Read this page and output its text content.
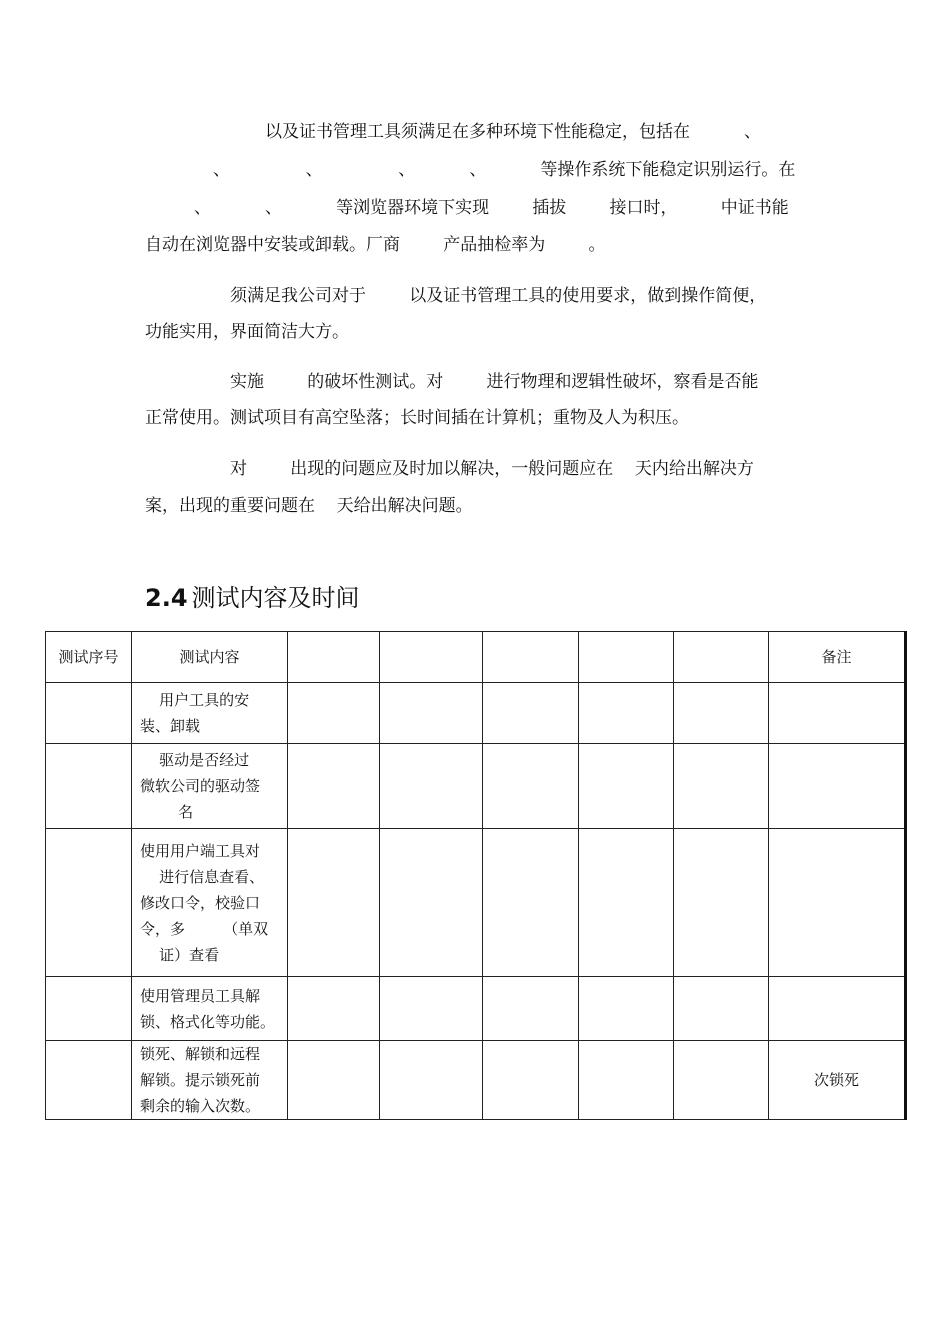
以及证书管理工具须满足在多种环境下性能稳定，包括在          、
、              、              、          、          等操作系统下能稳定识别运行。在
、          、          等浏览器环境下实现        插拔        接口时，        中证书能
自动在浏览器中安装或卸载。厂商        产品抽检率为        。
须满足我公司对于        以及证书管理工具的使用要求，做到操作简便，
功能实用，界面简洁大方。
实施        的破坏性测试。对        进行物理和逻辑性破坏，察看是否能
正常使用。测试项目有高空坠落；长时间插在计算机；重物及人为积压。
对        出现的问题应及时加以解决，一般问题应在    天内给出解决方
案，出现的重要问题在    天给出解决问题。
2.4 测试内容及时间
测试序号	测试内容						备注

	用户工具的安
装、卸载						

	驱动是否经过
微软公司的驱动签
名						

	使用用户端工具对
进行信息查看、
修改口令，校验口
令，多        （单双
证）查看						

	使用管理员工具解
锁、格式化等功能。						

	锁死、解锁和远程
解锁。提示锁死前
剩余的输入次数。						次锁死
